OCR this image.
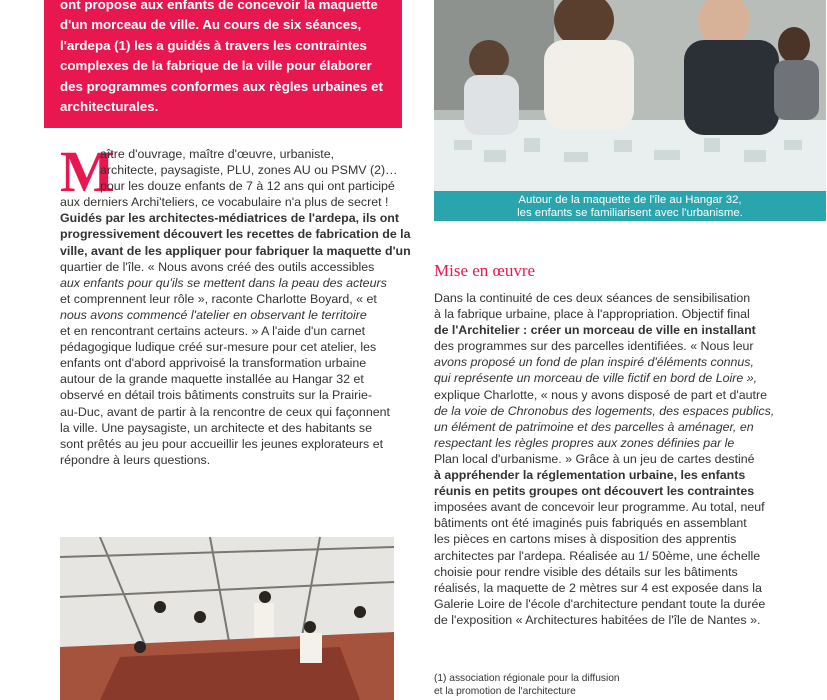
ont propose aux enfants de concevoir la maquette
d'un morceau de ville. Au cours de six séances,
l'ardepa (1) les a guidés à travers les contraintes
complexes de la fabrique de la ville pour élaborer
des programmes conformes aux règles urbaines et
architecturales.
M
aître d'ouvrage, maître d'œuvre, urbaniste,
architecte, paysagiste, PLU, zones AU ou PSMV (2)…
pour les douze enfants de 7 à 12 ans qui ont participé
aux derniers Archi'teliers, ce vocabulaire n'a plus de secret !
Guidés par les architectes-médiatrices de l'ardepa, ils ont
progressivement découvert les recettes de fabrication de la
ville, avant de les appliquer pour fabriquer la maquette d'un
quartier de l'île. « Nous avons créé des outils accessibles
aux enfants pour qu'ils se mettent dans la peau des acteurs
et comprennent leur rôle », raconte Charlotte Boyard, « et
nous avons commencé l'atelier en observant le territoire
et en rencontrant certains acteurs. » A l'aide d'un carnet
pédagogique ludique créé sur-mesure pour cet atelier, les
enfants ont d'abord apprivoisé la transformation urbaine
autour de la grande maquette installée au Hangar 32 et
observé en détail trois bâtiments construits sur la Prairie-
au-Duc, avant de partir à la rencontre de ceux qui façonnent
la ville. Une paysagiste, un architecte et des habitants se
sont prêtés au jeu pour accueillir les jeunes explorateurs et
répondre à leurs questions.
Autour de la maquette de l'île au Hangar 32,
les enfants se familiarisent avec l'urbanisme.
Mise en œuvre
Dans la continuité de ces deux séances de sensibilisation
à la fabrique urbaine, place à l'appropriation. Objectif final
de l'Architelier : créer un morceau de ville en installant
des programmes sur des parcelles identifiées. « Nous leur
avons proposé un fond de plan inspiré d'éléments connus,
qui représente un morceau de ville fictif en bord de Loire »,
explique Charlotte, « nous y avons disposé de part et d'autre
de la voie de Chronobus des logements, des espaces publics,
un élément de patrimoine et des parcelles à aménager, en
respectant les règles propres aux zones définies par le
Plan local d'urbanisme. » Grâce à un jeu de cartes destiné
à appréhender la réglementation urbaine, les enfants
réunis en petits groupes ont découvert les contraintes
imposées avant de concevoir leur programme. Au total, neuf
bâtiments ont été imaginés puis fabriqués en assemblant
les pièces en cartons mises à disposition des apprentis
architectes par l'ardepa. Réalisée au 1/ 50ème, une échelle
choisie pour rendre visible des détails sur les bâtiments
réalisés, la maquette de 2 mètres sur 4 est exposée dans la
Galerie Loire de l'école d'architecture pendant toute la durée
de l'exposition « Architectures habitées de l'île de Nantes ».
(1) association régionale pour la diffusion
et la promotion de l'architecture
